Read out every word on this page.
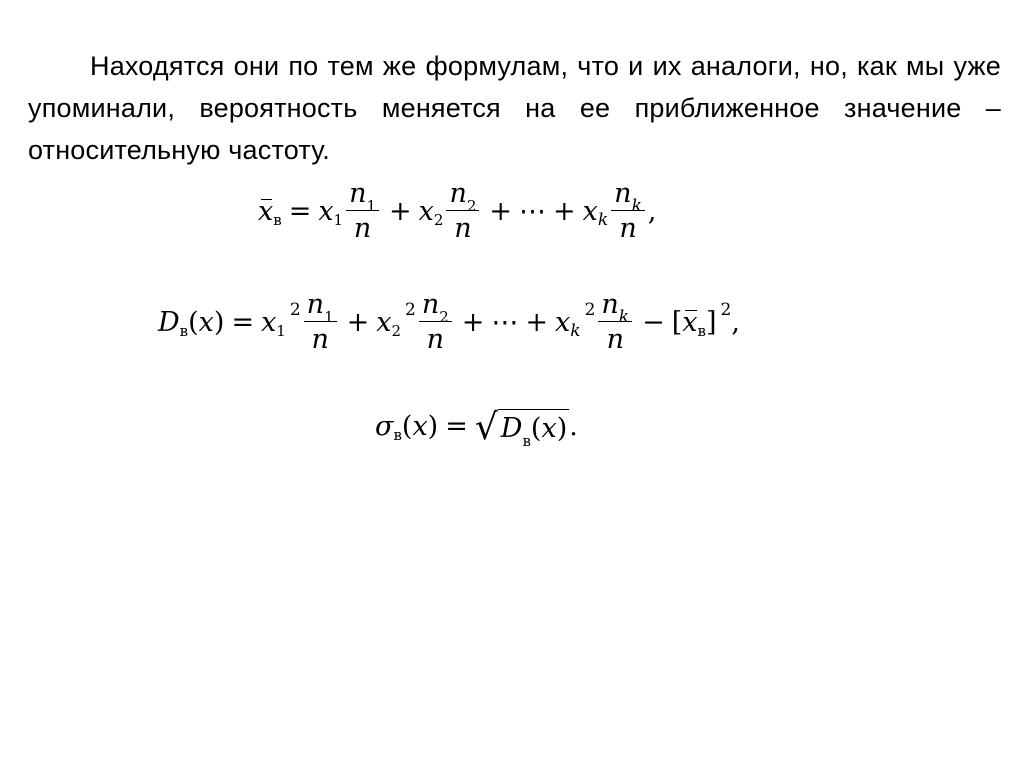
Находятся они по тем же формулам, что и их аналоги, но, как мы уже упоминали, вероятность меняется на ее приближенное значение – относительную частоту.

x в = x $1 \frac{n_1}{n} + x$ $2 \frac{n_2}{n}$ + ⋯ + x k $\frac{n_k}{n}$ ,
D в ( x ) = x 1
$2 \frac{n_1}{n} + x$ 2
$2 \frac{n_2}{n}$ + ⋯ + x k
$2 \frac{n_k}{n}$ − [ x в ] 2 ,
σ в ( x ) = √ $D_в(x)$ .
